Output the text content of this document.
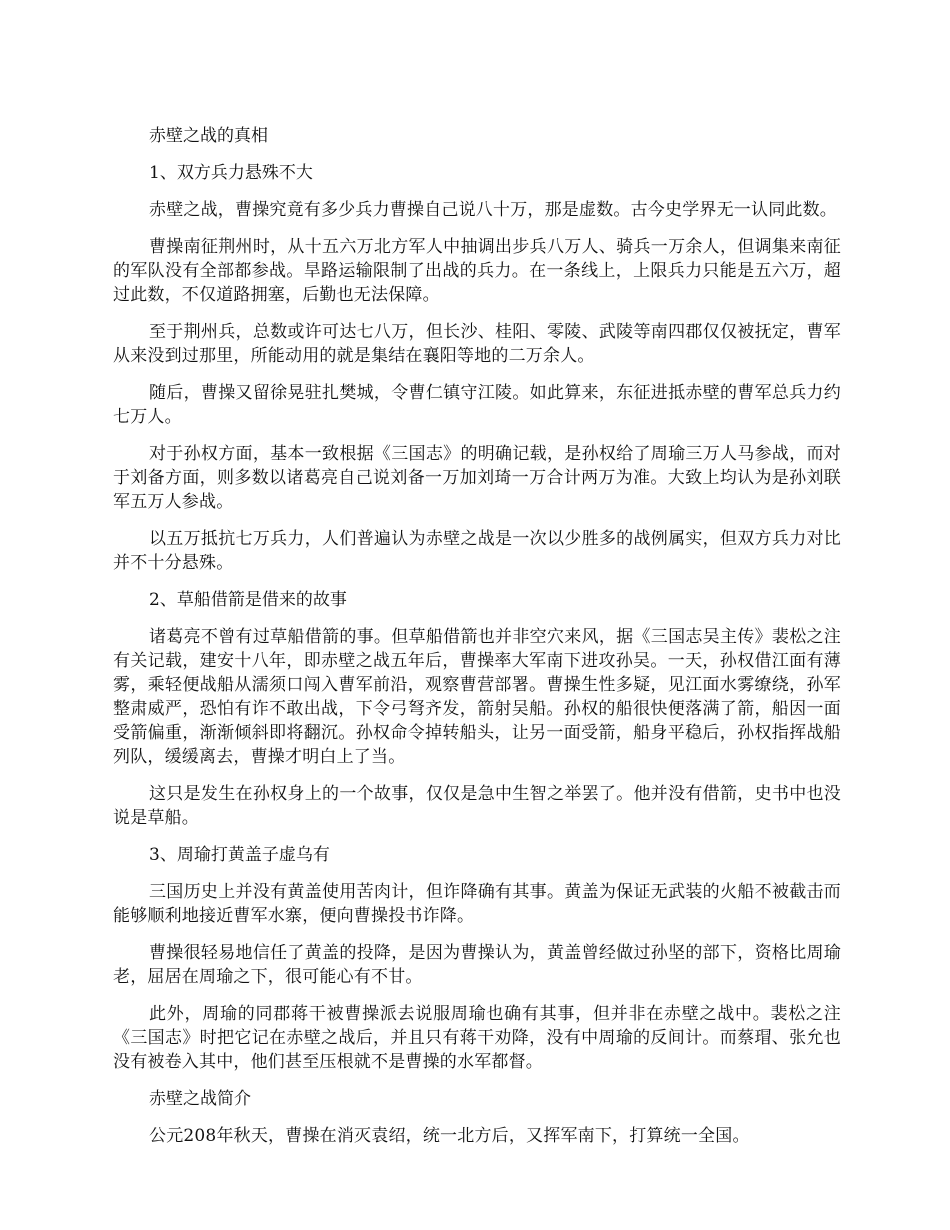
赤壁之战的真相

1、双方兵力悬殊不大

赤壁之战，曹操究竟有多少兵力曹操自己说八十万，那是虚数。古今史学界无一认同此数。

曹操南征荆州时，从十五六万北方军人中抽调出步兵八万人、骑兵一万余人，但调集来南征的军队没有全部都参战。旱路运输限制了出战的兵力。在一条线上，上限兵力只能是五六万，超过此数，不仅道路拥塞，后勤也无法保障。

至于荆州兵，总数或许可达七八万，但长沙、桂阳、零陵、武陵等南四郡仅仅被抚定，曹军从来没到过那里，所能动用的就是集结在襄阳等地的二万余人。

随后，曹操又留徐晃驻扎樊城，令曹仁镇守江陵。如此算来，东征进抵赤壁的曹军总兵力约七万人。

对于孙权方面，基本一致根据《三国志》的明确记载，是孙权给了周瑜三万人马参战，而对于刘备方面，则多数以诸葛亮自己说刘备一万加刘琦一万合计两万为准。大致上均认为是孙刘联军五万人参战。

以五万抵抗七万兵力，人们普遍认为赤壁之战是一次以少胜多的战例属实，但双方兵力对比并不十分悬殊。

2、草船借箭是借来的故事

诸葛亮不曾有过草船借箭的事。但草船借箭也并非空穴来风，据《三国志吴主传》裴松之注有关记载，建安十八年，即赤壁之战五年后，曹操率大军南下进攻孙吴。一天，孙权借江面有薄雾，乘轻便战船从濡须口闯入曹军前沿，观察曹营部署。曹操生性多疑，见江面水雾缭绕，孙军整肃威严，恐怕有诈不敢出战，下令弓弩齐发，箭射吴船。孙权的船很快便落满了箭，船因一面受箭偏重，渐渐倾斜即将翻沉。孙权命令掉转船头，让另一面受箭，船身平稳后，孙权指挥战船列队，缓缓离去，曹操才明白上了当。

这只是发生在孙权身上的一个故事，仅仅是急中生智之举罢了。他并没有借箭，史书中也没说是草船。

3、周瑜打黄盖子虚乌有

三国历史上并没有黄盖使用苦肉计，但诈降确有其事。黄盖为保证无武装的火船不被截击而能够顺利地接近曹军水寨，便向曹操投书诈降。

曹操很轻易地信任了黄盖的投降，是因为曹操认为，黄盖曾经做过孙坚的部下，资格比周瑜老，屈居在周瑜之下，很可能心有不甘。

此外，周瑜的同郡蒋干被曹操派去说服周瑜也确有其事，但并非在赤壁之战中。裴松之注《三国志》时把它记在赤壁之战后，并且只有蒋干劝降，没有中周瑜的反间计。而蔡瑁、张允也没有被卷入其中，他们甚至压根就不是曹操的水军都督。

赤壁之战简介

公元208年秋天，曹操在消灭袁绍，统一北方后，又挥军南下，打算统一全国。
